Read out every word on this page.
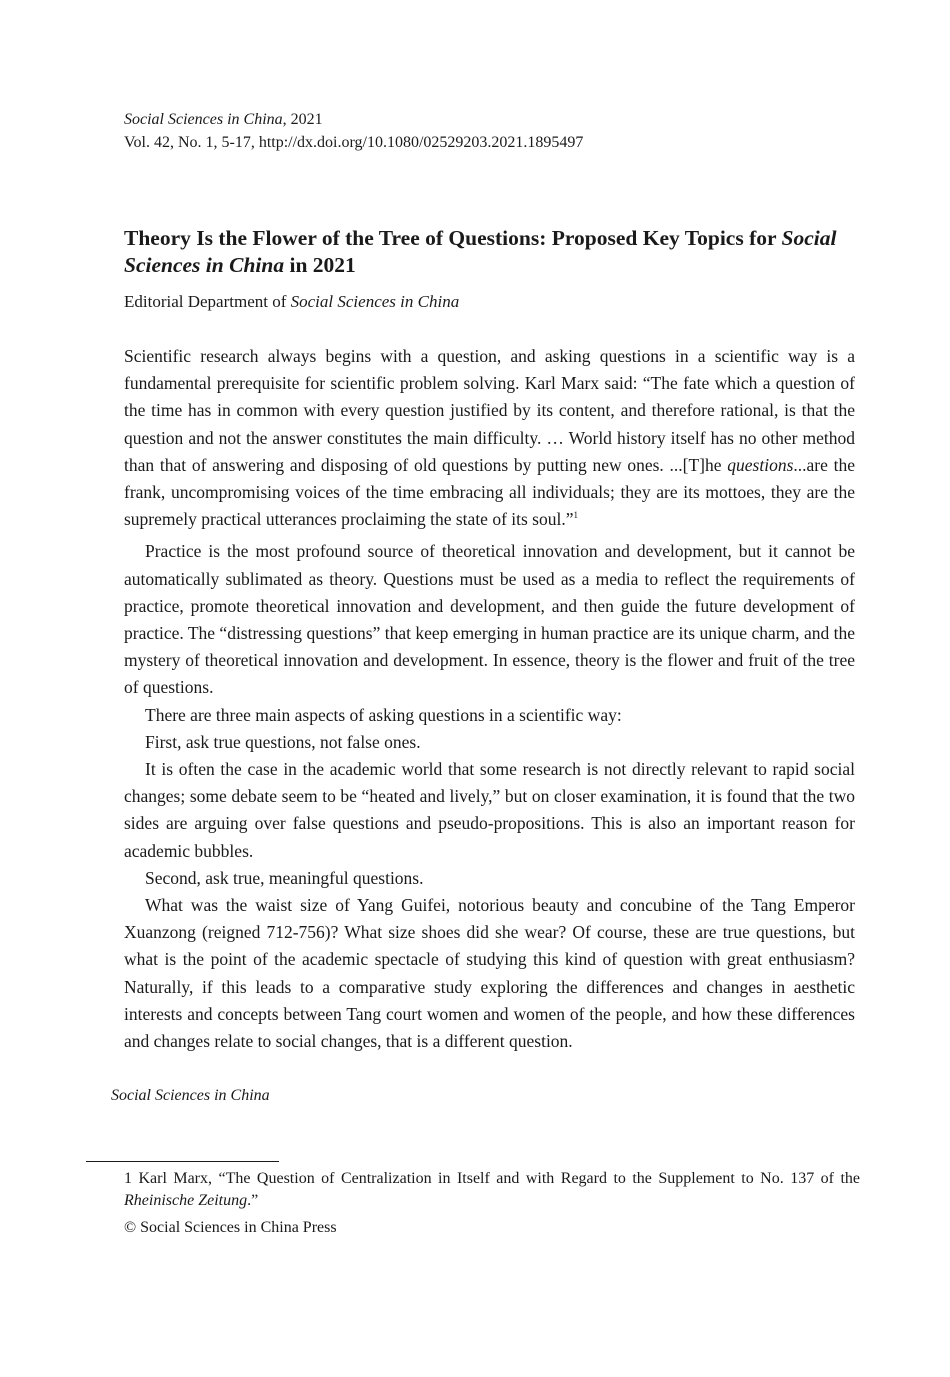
Social Sciences in China, 2021
Vol. 42, No. 1, 5-17, http://dx.doi.org/10.1080/02529203.2021.1895497
Theory Is the Flower of the Tree of Questions: Proposed Key Topics for Social Sciences in China in 2021
Editorial Department of Social Sciences in China

Scientific research always begins with a question, and asking questions in a scientific way is a fundamental prerequisite for scientific problem solving. Karl Marx said: “The fate which a question of the time has in common with every question justified by its content, and therefore rational, is that the question and not the answer constitutes the main difficulty. … World history itself has no other method than that of answering and disposing of old questions by putting new ones. ...[T]he questions...are the frank, uncompromising voices of the time embracing all individuals; they are its mottoes, they are the supremely practical utterances proclaiming the state of its soul.”$^1$

Practice is the most profound source of theoretical innovation and development, but it cannot be automatically sublimated as theory. Questions must be used as a media to reflect the requirements of practice, promote theoretical innovation and development, and then guide the future development of practice. The “distressing questions” that keep emerging in human practice are its unique charm, and the mystery of theoretical innovation and development. In essence, theory is the flower and fruit of the tree of questions.

There are three main aspects of asking questions in a scientific way:

First, ask true questions, not false ones.

It is often the case in the academic world that some research is not directly relevant to rapid social changes; some debate seem to be “heated and lively,” but on closer examination, it is found that the two sides are arguing over false questions and pseudo-propositions. This is also an important reason for academic bubbles.

Second, ask true, meaningful questions.

What was the waist size of Yang Guifei, notorious beauty and concubine of the Tang Emperor Xuanzong (reigned 712-756)? What size shoes did she wear? Of course, these are true questions, but what is the point of the academic spectacle of studying this kind of question with great enthusiasm? Naturally, if this leads to a comparative study exploring the differences and changes in aesthetic interests and concepts between Tang court women and women of the people, and how these differences and changes relate to social changes, that is a different question.

Social Sciences in China

1 Karl Marx, “The Question of Centralization in Itself and with Regard to the Supplement to No. 137 of the Rheinische Zeitung.”

© Social Sciences in China Press
